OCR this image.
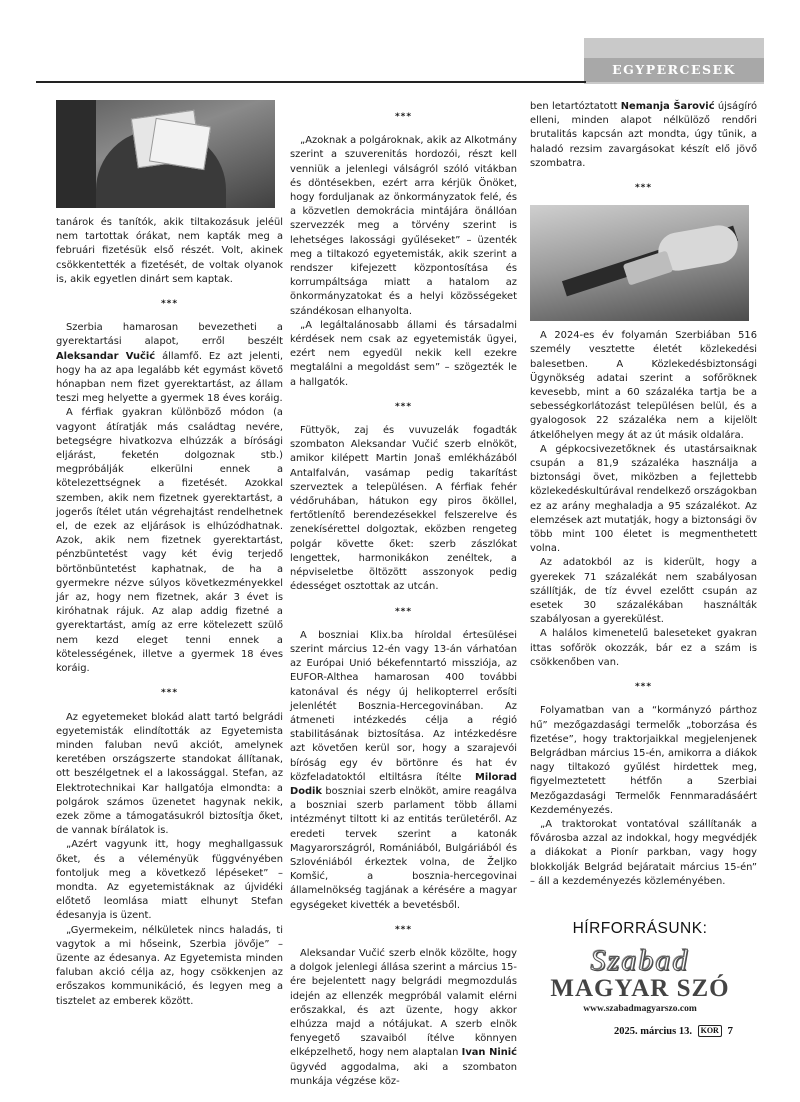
EGYPERCESEK

tanárok és tanítók, akik tiltakozásuk jeléül nem tartottak órákat, nem kapták meg a februári fizetésük első részét. Volt, akinek csökkentették a fizetését, de voltak olyanok is, akik egyetlen dinárt sem kaptak.

***

Szerbia hamarosan bevezetheti a gyerektartási alapot, erről beszélt Aleksandar Vučić államfő. Ez azt jelenti, hogy ha az apa legalább két egymást követő hónapban nem fizet gyerektartást, az állam teszi meg helyette a gyermek 18 éves koráig.

A férfiak gyakran különböző módon (a vagyont átíratják más családtag nevére, betegségre hivatkozva elhúzzák a bírósági eljárást, feketén dolgoznak stb.) megpróbálják elkerülni ennek a kötelezettségnek a fizetését. Azokkal szemben, akik nem fizetnek gyerektartást, a jogerős ítélet után végrehajtást rendelhetnek el, de ezek az eljárások is elhúzódhatnak. Azok, akik nem fizetnek gyerektartást, pénzbüntetést vagy két évig terjedő börtönbüntetést kaphatnak, de ha a gyermekre nézve súlyos következményekkel jár az, hogy nem fizetnek, akár 3 évet is kiróhatnak rájuk. Az alap addig fizetné a gyerektartást, amíg az erre kötelezett szülő nem kezd eleget tenni ennek a kötelességének, illetve a gyermek 18 éves koráig.

***

Az egyetemeket blokád alatt tartó belgrádi egyetemisták elindították az Egyetemista minden faluban nevű akciót, amelynek keretében országszerte standokat állítanak, ott beszélgetnek el a lakossággal. Stefan, az Elektrotechnikai Kar hallgatója elmondta: a polgárok számos üzenetet hagynak nekik, ezek zöme a támogatásukról biztosítja őket, de vannak bírálatok is.

„Azért vagyunk itt, hogy meghallgassuk őket, és a véleményük függvényében fontoljuk meg a következő lépéseket” – mondta. Az egyetemistáknak az újvidéki előtető leomlása miatt elhunyt Stefan édesanyja is üzent.

„Gyermekeim, nélkületek nincs haladás, ti vagytok a mi hőseink, Szerbia jövője” – üzente az édesanya. Az Egyetemista minden faluban akció célja az, hogy csökkenjen az erőszakos kommunikáció, és legyen meg a tisztelet az emberek között.

***

„Azoknak a polgároknak, akik az Alkotmány szerint a szuverenitás hordozói, részt kell venniük a jelenlegi válságról szóló vitákban és döntésekben, ezért arra kérjük Önöket, hogy forduljanak az önkormányzatok felé, és a közvetlen demokrácia mintájára önállóan szervezzék meg a törvény szerint is lehetséges lakossági gyűléseket” – üzenték meg a tiltakozó egyetemisták, akik szerint a rendszer kifejezett központosítása és korrumpáltsága miatt a hatalom az önkormányzatokat és a helyi közösségeket szándékosan elhanyolta.

„A legáltalánosabb állami és társadalmi kérdések nem csak az egyetemisták ügyei, ezért nem egyedül nekik kell ezekre megtalálni a megoldást sem” – szögezték le a hallgatók.

***

Füttyök, zaj és vuvuzelák fogadták szombaton Aleksandar Vučić szerb elnököt, amikor kilépett Martin Jonaš emlékházából Antalfalván, vasámap pedig takarítást szerveztek a településen. A férfiak fehér védőruhában, hátukon egy piros ököllel, fertőtlenítő berendezésekkel felszerelve és zenekísérettel dolgoztak, eközben rengeteg polgár követte őket: szerb zászlókat lengettek, harmonikákon zenéltek, a népviseletbe öltözött asszonyok pedig édességet osztottak az utcán.

***

A boszniai Klix.ba híroldal értesülései szerint március 12-én vagy 13-án várhatóan az Európai Unió békefenntartó missziója, az EUFOR-Althea hamarosan 400 további katonával és négy új helikopterrel erősíti jelenlétét Bosznia-Hercegovinában. Az átmeneti intézkedés célja a régió stabilitásának biztosítása. Az intézkedésre azt követően kerül sor, hogy a szarajevói bíróság egy év börtönre és hat év közfeladatoktól eltiltásra ítélte Milorad Dodik boszniai szerb elnököt, amire reagálva a boszniai szerb parlament több állami intézményt tiltott ki az entitás területéről. Az eredeti tervek szerint a katonák Magyarországról, Romániából, Bulgáriából és Szlovéniából érkeztek volna, de Željko Komšić, a bosznia-hercegovinai államelnökség tagjának a kérésére a magyar egységeket kivették a bevetésből.

***

Aleksandar Vučić szerb elnök közölte, hogy a dolgok jelenlegi állása szerint a március 15-ére bejelentett nagy belgrádi megmozdulás idején az ellenzék megpróbál valamit elérni erőszakkal, és azt üzente, hogy akkor elhúzza majd a nótájukat. A szerb elnök fenyegető szavaiból ítélve könnyen elképzelhető, hogy nem alaptalan Ivan Ninić ügyvéd aggodalma, aki a szombaton munkája végzése köz-

ben letartóztatott Nemanja Šarović újságíró elleni, minden alapot nélkülöző rendőri brutalitás kapcsán azt mondta, úgy tűnik, a haladó rezsim zavargásokat készít elő jövő szombatra.

***

A 2024-es év folyamán Szerbiában 516 személy vesztette életét közlekedési balesetben. A Közlekedésbiztonsági Ügynökség adatai szerint a sofőröknek kevesebb, mint a 60 százaléka tartja be a sebességkorlátozást településen belül, és a gyalogosok 22 százaléka nem a kijelölt átkelőhelyen megy át az út másik oldalára.

A gépkocsivezetőknek és utastársaiknak csupán a 81,9 százaléka használja a biztonsági övet, miközben a fejlettebb közlekedéskultúrával rendelkező országokban ez az arány meghaladja a 95 százalékot. Az elemzések azt mutatják, hogy a biztonsági öv több mint 100 életet is megmenthetett volna.

Az adatokból az is kiderült, hogy a gyerekek 71 százalékát nem szabályosan szállítják, de tíz évvel ezelőtt csupán az esetek 30 százalékában használták szabályosan a gyerekülést.

A halálos kimenetelű baleseteket gyakran ittas sofőrök okozzák, bár ez a szám is csökkenőben van.

***

Folyamatban van a “kormányzó párthoz hű” mezőgazdasági termelők „toborzása és fizetése”, hogy traktorjaikkal megjelenjenek Belgrádban március 15-én, amikorra a diákok nagy tiltakozó gyűlést hirdettek meg, figyelmeztetett hétfőn a Szerbiai Mezőgazdasági Termelők Fennmaradásáért Kezdeményezés.

„A traktorokat vontatóval szállítanák a fővárosba azzal az indokkal, hogy megvédjék a diákokat a Pionír parkban, vagy hogy blokkolják Belgrád bejáratait március 15-én” – áll a kezdeményezés közleményében.

HÍRFORRÁSUNK:
Szabad
MAGYAR SZÓ
www.szabadmagyarszo.com
2025. március 13. KOR 7
